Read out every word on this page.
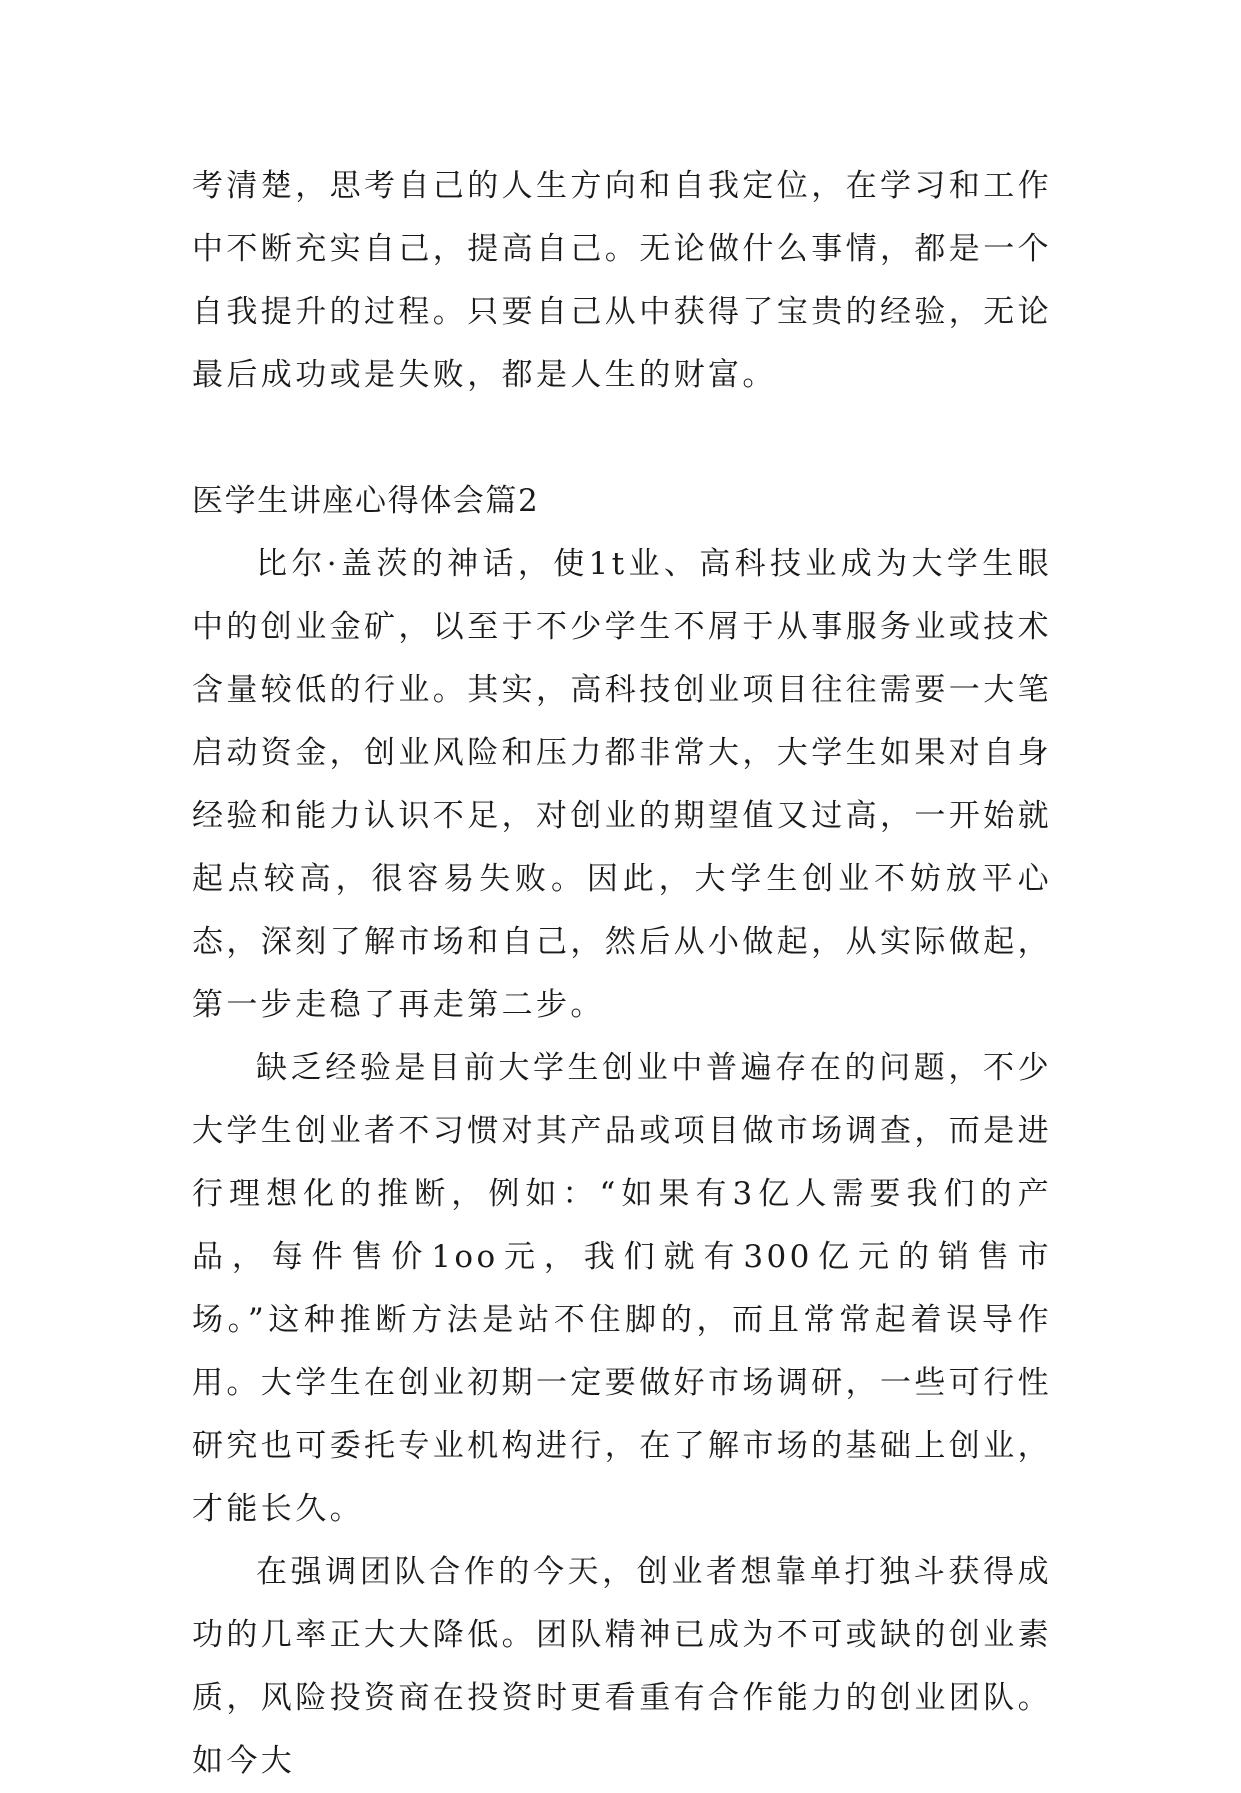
考清楚，思考自己的人生方向和自我定位，在学习和工作中不断充实自己，提高自己。无论做什么事情，都是一个自我提升的过程。只要自己从中获得了宝贵的经验，无论最后成功或是失败，都是人生的财富。

医学生讲座心得体会篇2

比尔·盖茨的神话，使1t业、高科技业成为大学生眼中的创业金矿，以至于不少学生不屑于从事服务业或技术含量较低的行业。其实，高科技创业项目往往需要一大笔启动资金，创业风险和压力都非常大，大学生如果对自身经验和能力认识不足，对创业的期望值又过高，一开始就起点较高，很容易失败。因此，大学生创业不妨放平心态，深刻了解市场和自己，然后从小做起，从实际做起，第一步走稳了再走第二步。

缺乏经验是目前大学生创业中普遍存在的问题，不少大学生创业者不习惯对其产品或项目做市场调查，而是进行理想化的推断，例如：“如果有3亿人需要我们的产品，每件售价1oo元，我们就有300亿元的销售市场。”这种推断方法是站不住脚的，而且常常起着误导作用。大学生在创业初期一定要做好市场调研，一些可行性研究也可委托专业机构进行，在了解市场的基础上创业，才能长久。

在强调团队合作的今天，创业者想靠单打独斗获得成功的几率正大大降低。团队精神已成为不可或缺的创业素质，风险投资商在投资时更看重有合作能力的创业团队。如今大
